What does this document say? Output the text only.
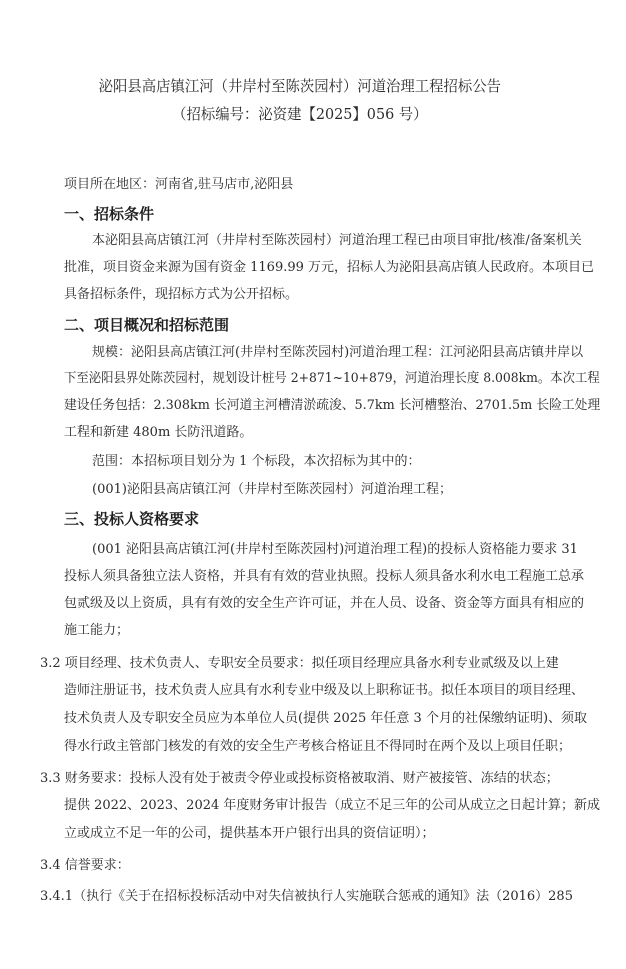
泌阳县高店镇江河（井岸村至陈茨园村）河道治理工程招标公告
（招标编号：泌资建【2025】056 号）
项目所在地区：河南省,驻马店市,泌阳县
一、招标条件
本泌阳县高店镇江河（井岸村至陈茨园村）河道治理工程已由项目审批/核准/备案机关
批准，项目资金来源为国有资金 1169.99 万元，招标人为泌阳县高店镇人民政府。本项目已
具备招标条件，现招标方式为公开招标。
二、项目概况和招标范围
规模：泌阳县高店镇江河(井岸村至陈茨园村)河道治理工程：江河泌阳县高店镇井岸以
下至泌阳县界处陈茨园村，规划设计桩号 2+871~10+879，河道治理长度 8.008km。本次工程
建设任务包括：2.308km 长河道主河槽清淤疏浚、5.7km 长河槽整治、2701.5m 长险工处理
工程和新建 480m 长防汛道路。
范围：本招标项目划分为 1 个标段，本次招标为其中的：
(001)泌阳县高店镇江河（井岸村至陈茨园村）河道治理工程；
三、投标人资格要求
(001 泌阳县高店镇江河(井岸村至陈茨园村)河道治理工程)的投标人资格能力要求 31
投标人须具备独立法人资格，并具有有效的营业执照。投标人须具备水利水电工程施工总承
包贰级及以上资质，具有有效的安全生产许可证，并在人员、设备、资金等方面具有相应的
施工能力；
3.2 项目经理、技术负责人、专职安全员要求：拟任项目经理应具备水利专业贰级及以上建
造师注册证书，技术负责人应具有水利专业中级及以上职称证书。拟任本项目的项目经理、
技术负责人及专职安全员应为本单位人员(提供 2025 年任意 3 个月的社保缴纳证明)、须取
得水行政主管部门核发的有效的安全生产考核合格证且不得同时在两个及以上项目任职；
3.3 财务要求：投标人没有处于被责令停业或投标资格被取消、财产被接管、冻结的状态；
提供 2022、2023、2024 年度财务审计报告（成立不足三年的公司从成立之日起计算；新成
立或成立不足一年的公司，提供基本开户银行出具的资信证明）；
3.4 信誉要求：
3.4.1（执行《关于在招标投标活动中对失信被执行人实施联合惩戒的通知》法（2016）285
